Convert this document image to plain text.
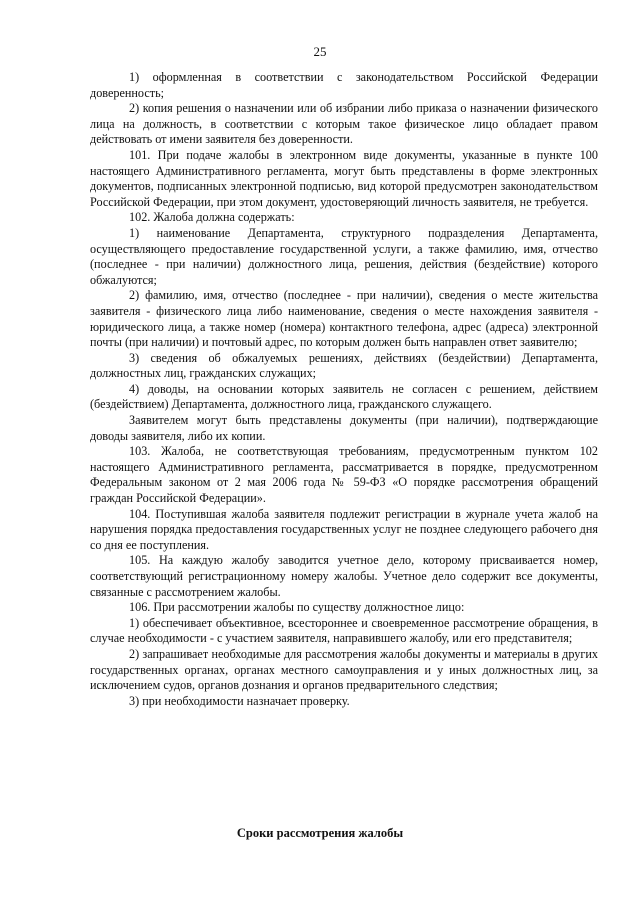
25

1) оформленная в соответствии с законодательством Российской Федерации доверенность;

2) копия решения о назначении или об избрании либо приказа о назначении физического лица на должность, в соответствии с которым такое физическое лицо обладает правом действовать от имени заявителя без доверенности.

101. При подаче жалобы в электронном виде документы, указанные в пункте 100 настоящего Административного регламента, могут быть представлены в форме электронных документов, подписанных электронной подписью, вид которой предусмотрен законодательством Российской Федерации, при этом документ, удостоверяющий личность заявителя, не требуется.

102. Жалоба должна содержать:

1) наименование Департамента, структурного подразделения Департамента, осуществляющего предоставление государственной услуги, а также фамилию, имя, отчество (последнее - при наличии) должностного лица, решения, действия (бездействие) которого обжалуются;

2) фамилию, имя, отчество (последнее - при наличии), сведения о месте жительства заявителя - физического лица либо наименование, сведения о месте нахождения заявителя - юридического лица, а также номер (номера) контактного телефона, адрес (адреса) электронной почты (при наличии) и почтовый адрес, по которым должен быть направлен ответ заявителю;

3) сведения об обжалуемых решениях, действиях (бездействии) Департамента, должностных лиц, гражданских служащих;

4) доводы, на основании которых заявитель не согласен с решением, действием (бездействием) Департамента, должностного лица, гражданского служащего.

Заявителем могут быть представлены документы (при наличии), подтверждающие доводы заявителя, либо их копии.

103. Жалоба, не соответствующая требованиям, предусмотренным пунктом 102 настоящего Административного регламента, рассматривается в порядке, предусмотренном Федеральным законом от 2 мая 2006 года № 59-ФЗ «О порядке рассмотрения обращений граждан Российской Федерации».

104. Поступившая жалоба заявителя подлежит регистрации в журнале учета жалоб на нарушения порядка предоставления государственных услуг не позднее следующего рабочего дня со дня ее поступления.

105. На каждую жалобу заводится учетное дело, которому присваивается номер, соответствующий регистрационному номеру жалобы. Учетное дело содержит все документы, связанные с рассмотрением жалобы.

106. При рассмотрении жалобы по существу должностное лицо:

1) обеспечивает объективное, всестороннее и своевременное рассмотрение обращения, в случае необходимости - с участием заявителя, направившего жалобу, или его представителя;

2) запрашивает необходимые для рассмотрения жалобы документы и материалы в других государственных органах, органах местного самоуправления и у иных должностных лиц, за исключением судов, органов дознания и органов предварительного следствия;

3) при необходимости назначает проверку.

Сроки рассмотрения жалобы
